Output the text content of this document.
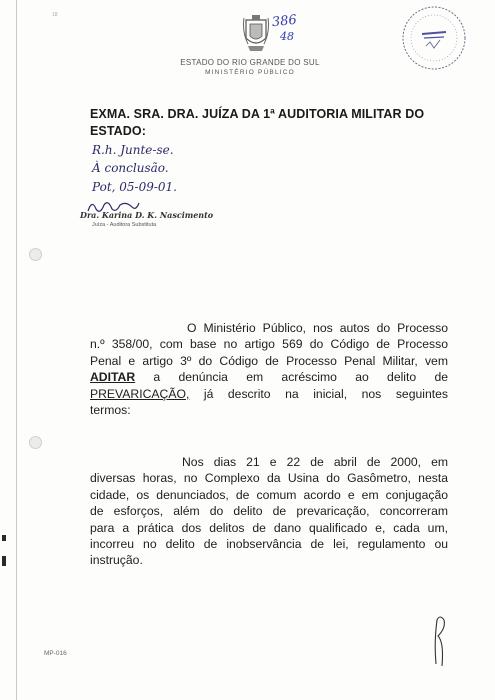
18	386
48
ESTADO DO RIO GRANDE DO SUL
MINISTÉRIO PÚBLICO
EXMA. SRA. DRA. JUÍZA DA 1ª AUDITORIA MILITAR DO
ESTADO:
R.h. Junte-se.
À conclusão.
Pot, 05-09-01.
Dra. Karina D. K. Nascimento
Juíza - Auditora Substituta
O Ministério Público, nos autos do Processo
n.º 358/00, com base no artigo 569 do Código de Processo
Penal e artigo 3º do Código de Processo Penal Militar, vem
ADITAR a denúncia em acréscimo ao delito de
PREVARICAÇÃO, já descrito na inicial, nos seguintes
termos:
Nos dias 21 e 22 de abril de 2000, em
diversas horas, no Complexo da Usina do Gasômetro, nesta
cidade, os denunciados, de comum acordo e em conjugação
de esforços, além do delito de prevaricação, concorreram
para a prática dos delitos de dano qualificado e, cada um,
incorreu no delito de inobservância de lei, regulamento ou
instrução.
MP-016
